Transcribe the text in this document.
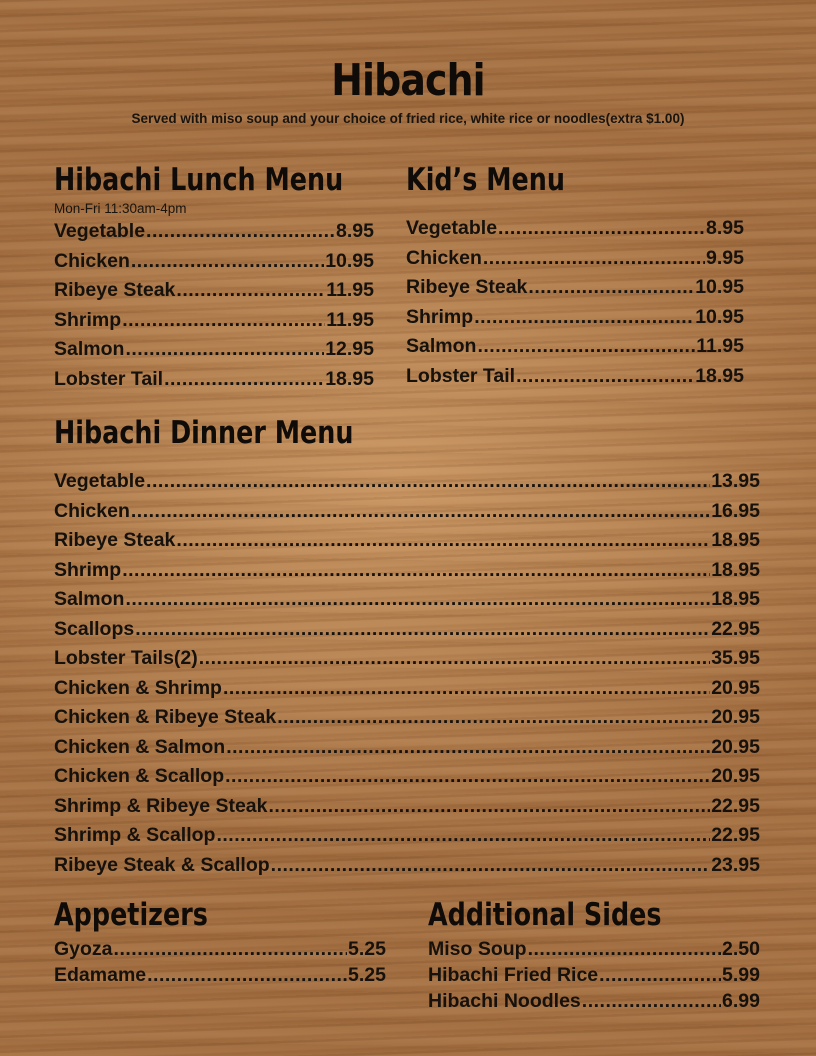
Hibachi
Served with miso soup and your choice of fried rice, white rice or noodles(extra $1.00)
Hibachi Lunch Menu
Mon-Fri 11:30am-4pm
Vegetable .....	8.95
Chicken .....	10.95
Ribeye Steak .....	11.95
Shrimp .....	11.95
Salmon .....	12.95
Lobster Tail .....	18.95
Kid’s Menu
Vegetable .....	8.95
Chicken .....	9.95
Ribeye Steak .....	10.95
Shrimp .....	10.95
Salmon .....	11.95
Lobster Tail .....	18.95
Hibachi Dinner Menu
Vegetable .....	13.95
Chicken .....	16.95
Ribeye Steak .....	18.95
Shrimp .....	18.95
Salmon .....	18.95
Scallops .....	22.95
Lobster Tails(2) .....	35.95
Chicken & Shrimp .....	20.95
Chicken & Ribeye Steak .....	20.95
Chicken & Salmon .....	20.95
Chicken & Scallop .....	20.95
Shrimp & Ribeye Steak .....	22.95
Shrimp & Scallop .....	22.95
Ribeye Steak & Scallop .....	23.95
Appetizers
Gyoza .....	5.25
Edamame .....	5.25
Additional Sides
Miso Soup .....	2.50
Hibachi Fried Rice .....	5.99
Hibachi Noodles .....	6.99
